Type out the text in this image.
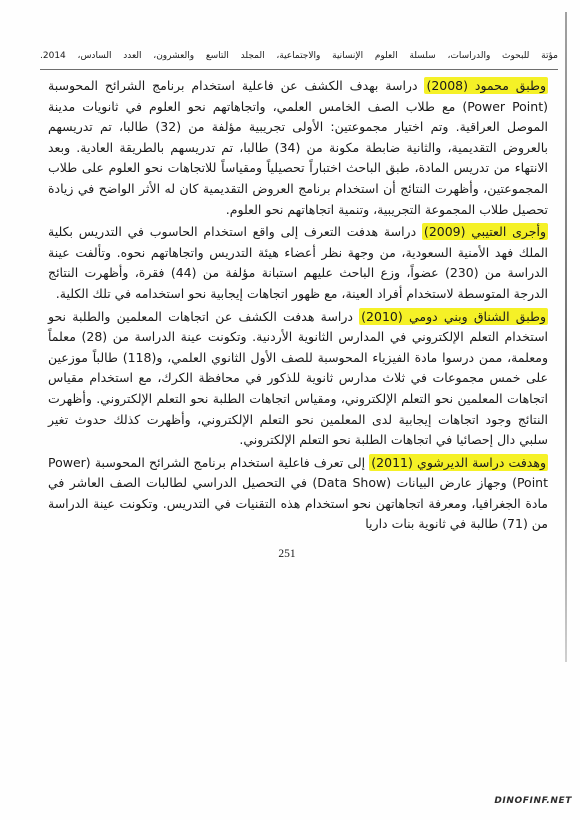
مؤتة للبحوث والدراسات، سلسلة العلوم الإنسانية والاجتماعية، المجلد التاسع والعشرون، العدد السادس، 2014.

وطبق محمود (2008) دراسة بهدف الكشف عن فاعلية استخدام برنامج الشرائح المحوسبة (Power Point) مع طلاب الصف الخامس العلمي، واتجاهاتهم نحو العلوم في ثانويات مدينة الموصل العراقية. وتم اختيار مجموعتين: الأولى تجريبية مؤلفة من (32) طالبا، تم تدريسهم بالعروض التقديمية، والثانية ضابطة مكونة من (34) طالبا، تم تدريسهم بالطريقة العادية. وبعد الانتهاء من تدريس المادة، طبق الباحث اختباراً تحصيلياً ومقياساً للاتجاهات نحو العلوم على طلاب المجموعتين، وأظهرت النتائج أن استخدام برنامج العروض التقديمية كان له الأثر الواضح في زيادة تحصيل طلاب المجموعة التجريبية، وتنمية اتجاهاتهم نحو العلوم.

وأجرى العتيبي (2009) دراسة هدفت التعرف إلى واقع استخدام الحاسوب في التدريس بكلية الملك فهد الأمنية السعودية، من وجهة نظر أعضاء هيئة التدريس واتجاهاتهم نحوه. وتألفت عينة الدراسة من (230) عضواً، وزع الباحث عليهم استبانة مؤلفة من (44) فقرة، وأظهرت النتائج الدرجة المتوسطة لاستخدام أفراد العينة، مع ظهور اتجاهات إيجابية نحو استخدامه في تلك الكلية.

وطبق الشناق وبني دومي (2010) دراسة هدفت الكشف عن اتجاهات المعلمين والطلبة نحو استخدام التعلم الإلكتروني في المدارس الثانوية الأردنية. وتكونت عينة الدراسة من (28) معلماً ومعلمة، ممن درسوا مادة الفيزياء المحوسبة للصف الأول الثانوي العلمي، و(118) طالباً موزعين على خمس مجموعات في ثلاث مدارس ثانوية للذكور في محافظة الكرك، مع استخدام مقياس اتجاهات المعلمين نحو التعلم الإلكتروني، ومقياس اتجاهات الطلبة نحو التعلم الإلكتروني. وأظهرت النتائج وجود اتجاهات إيجابية لدى المعلمين نحو التعلم الإلكتروني، وأظهرت كذلك حدوث تغير سلبي دال إحصائيا في اتجاهات الطلبة نحو التعلم الإلكتروني.

وهدفت دراسة الديرشوي (2011) إلى تعرف فاعلية استخدام برنامج الشرائح المحوسبة (Power Point) وجهاز عارض البيانات (Data Show) في التحصيل الدراسي لطالبات الصف العاشر في مادة الجغرافيا، ومعرفة اتجاهاتهن نحو استخدام هذه التقنيات في التدريس. وتكونت عينة الدراسة من (71) طالبة في ثانوية بنات داريا

251
DINOFINF.NET
